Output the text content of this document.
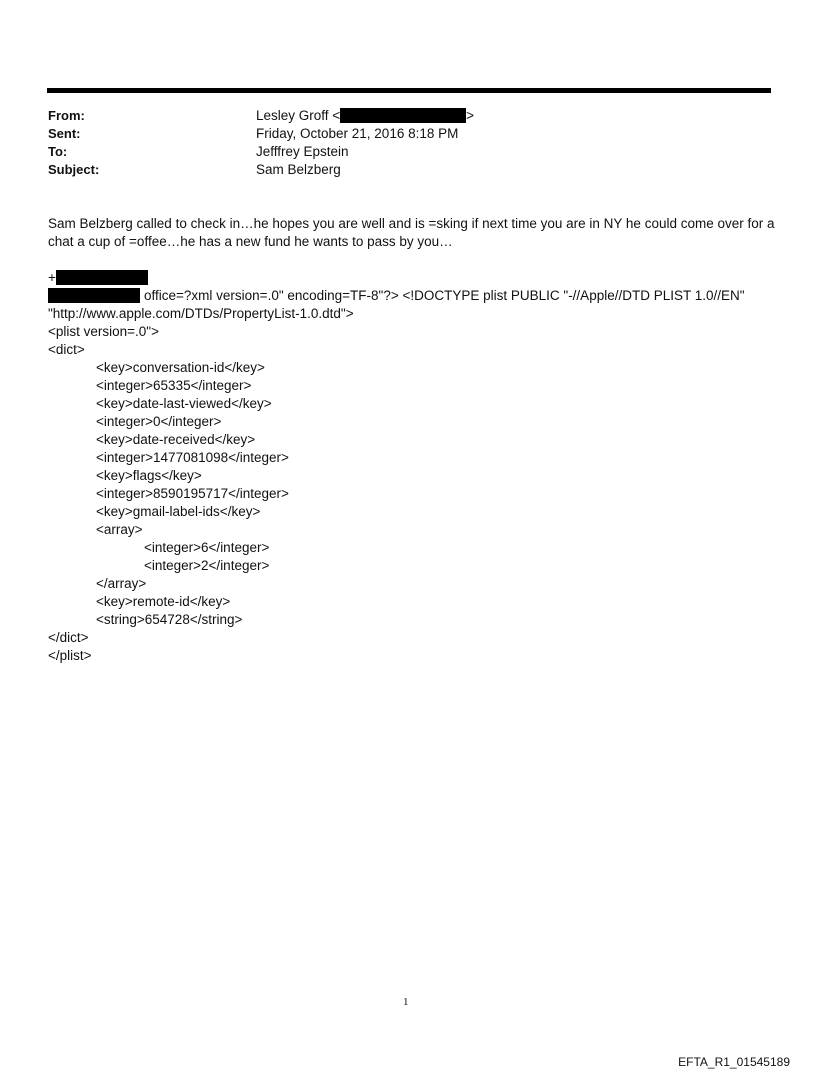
From:	Lesley Groff <	>
Sent:	Friday, October 21, 2016 8:18 PM
To:	Jefffrey Epstein
Subject:	Sam Belzberg
Sam Belzberg called to check in…he hopes you are well and is =sking if next time you are in NY he could come over for a
chat a cup of =offee…he has a new fund he wants to pass by you…
+
office=?xml version=.0" encoding=TF-8"?> <!DOCTYPE plist PUBLIC "-//Apple//DTD PLIST 1.0//EN"
"http://www.apple.com/DTDs/PropertyList-1.0.dtd">
<plist version=.0">
<dict>
<key>conversation-id</key>
<integer>65335</integer>
<key>date-last-viewed</key>
<integer>0</integer>
<key>date-received</key>
<integer>1477081098</integer>
<key>flags</key>
<integer>8590195717</integer>
<key>gmail-label-ids</key>
<array>
<integer>6</integer>
<integer>2</integer>
</array>
<key>remote-id</key>
<string>654728</string>
</dict>
</plist>
1
EFTA_R1_01545189
